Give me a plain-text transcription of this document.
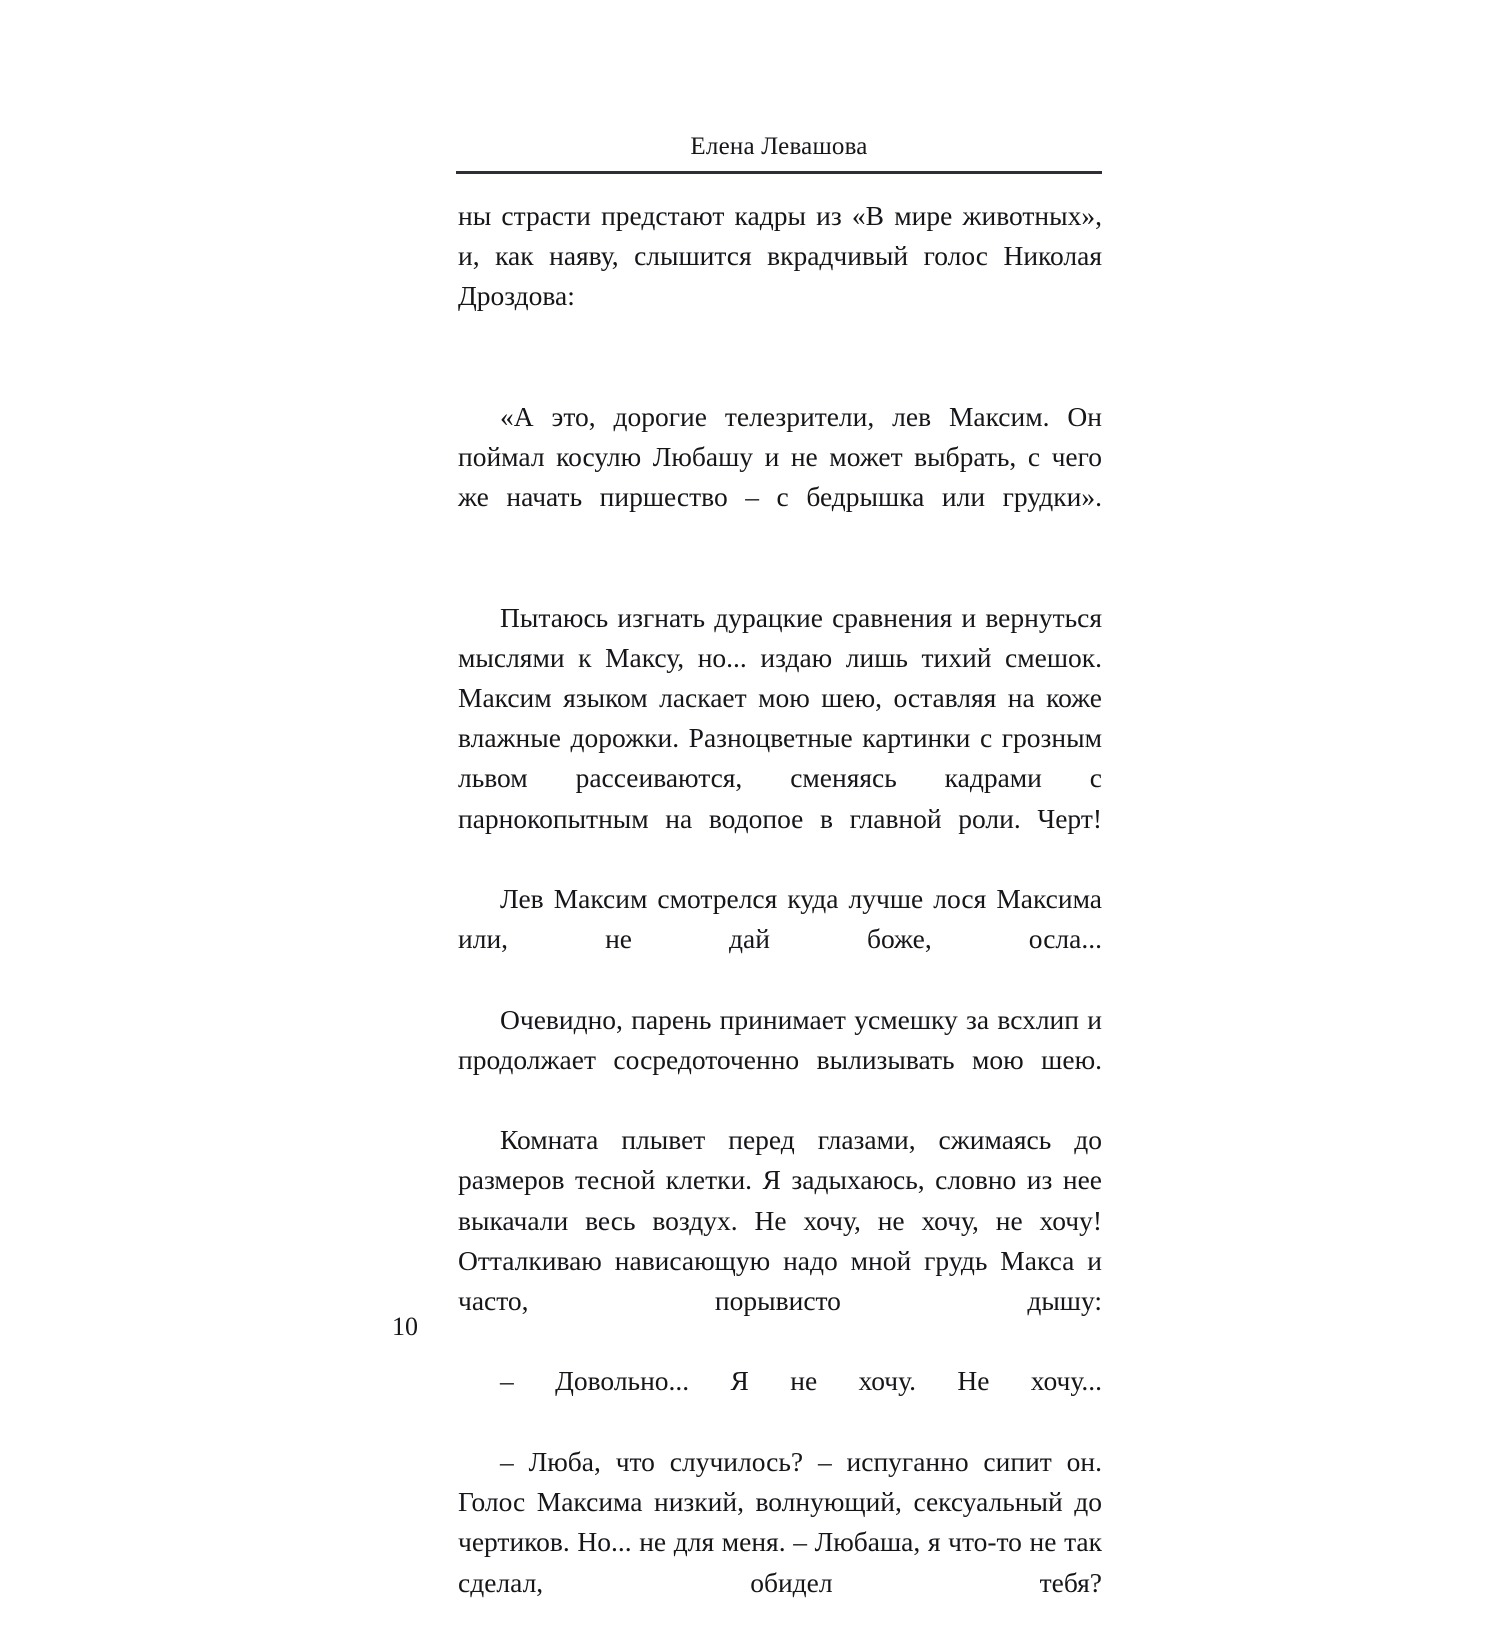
Елена Левашова

ны страсти предстают кадры из «В мире животных», и, как наяву, слышится вкрадчивый голос Николая Дроздова:

«А это, дорогие телезрители, лев Максим. Он поймал косулю Любашу и не может выбрать, с чего же начать пиршество – с бедрышка или грудки».

Пытаюсь изгнать дурацкие сравнения и вернуться мыслями к Максу, но... издаю лишь тихий смешок. Максим языком ласкает мою шею, оставляя на коже влажные дорожки. Разноцветные картинки с грозным львом рассеиваются, сменяясь кадрами с парнокопытным на водопое в главной роли. Черт!

Лев Максим смотрелся куда лучше лося Максима или, не дай боже, осла...

Очевидно, парень принимает усмешку за всхлип и продолжает сосредоточенно вылизывать мою шею.

Комната плывет перед глазами, сжимаясь до размеров тесной клетки. Я задыхаюсь, словно из нее выкачали весь воздух. Не хочу, не хочу, не хочу! Отталкиваю нависающую надо мной грудь Макса и часто, порывисто дышу:

– Довольно... Я не хочу. Не хочу...

– Люба, что случилось? – испуганно сипит он. Голос Максима низкий, волнующий, сексуальный до чертиков. Но... не для меня. – Любаша, я что-то не так сделал, обидел тебя?

10
